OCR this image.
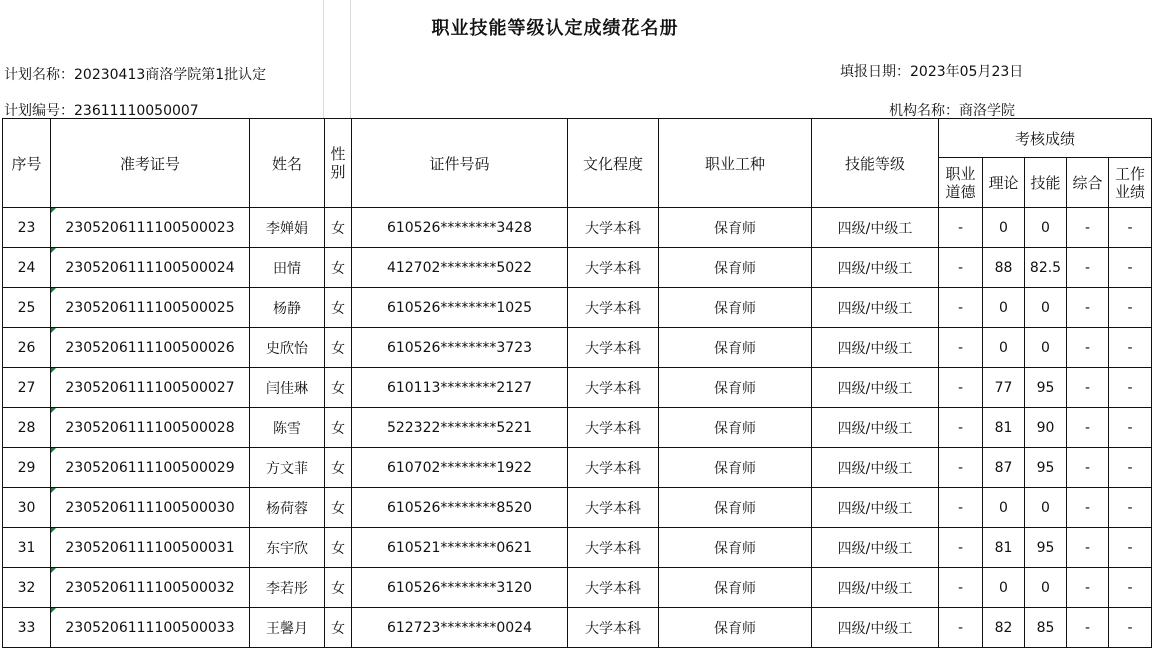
职业技能等级认定成绩花名册
计划名称：20230413商洛学院第1批认定	填报日期：2023年05月23日
计划编号：23611110050007	机构名称：商洛学院
序号	准考证号	姓名	性别	证件号码	文化程度	职业工种	技能等级	考核成绩				
								职业道德	理论	技能	综合	工作业绩
23	2305206111100500023	李婵娟	女	610526********3428	大学本科	保育师	四级/中级工	-	0	0	-	-
24	2305206111100500024	田情	女	412702********5022	大学本科	保育师	四级/中级工	-	88	82.5	-	-
25	2305206111100500025	杨静	女	610526********1025	大学本科	保育师	四级/中级工	-	0	0	-	-
26	2305206111100500026	史欣怡	女	610526********3723	大学本科	保育师	四级/中级工	-	0	0	-	-
27	2305206111100500027	闫佳琳	女	610113********2127	大学本科	保育师	四级/中级工	-	77	95	-	-
28	2305206111100500028	陈雪	女	522322********5221	大学本科	保育师	四级/中级工	-	81	90	-	-
29	2305206111100500029	方文菲	女	610702********1922	大学本科	保育师	四级/中级工	-	87	95	-	-
30	2305206111100500030	杨荷蓉	女	610526********8520	大学本科	保育师	四级/中级工	-	0	0	-	-
31	2305206111100500031	东宇欣	女	610521********0621	大学本科	保育师	四级/中级工	-	81	95	-	-
32	2305206111100500032	李若彤	女	610526********3120	大学本科	保育师	四级/中级工	-	0	0	-	-
33	2305206111100500033	王馨月	女	612723********0024	大学本科	保育师	四级/中级工	-	82	85	-	-
